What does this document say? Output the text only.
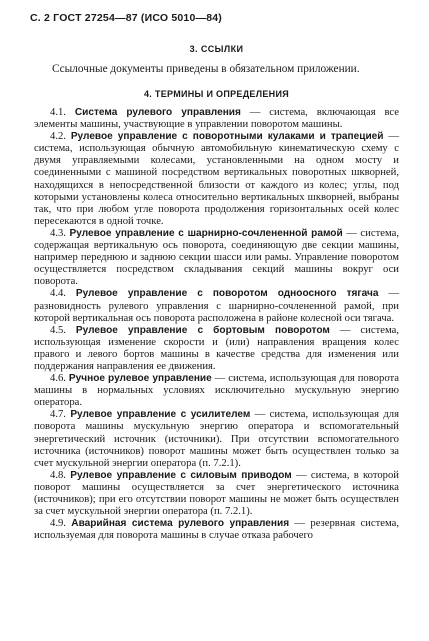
С. 2 ГОСТ 27254—87 (ИСО 5010—84)
3. ССЫЛКИ

Ссылочные документы приведены в обязательном приложении.

4. ТЕРМИНЫ И ОПРЕДЕЛЕНИЯ

4.1. Система рулевого управления — система, включающая все элементы машины, участвующие в управлении поворотом машины.

4.2. Рулевое управление с поворотными кулаками и трапецией — система, использующая обычную автомобильную кинематическую схему с двумя управляемыми колесами, установленными на одном мосту и соединенными с машиной посредством вертикальных поворотных шкворней, находящихся в непосредственной близости от каждого из колес; углы, под которыми установлены колеса относительно вертикальных шкворней, выбраны так, что при любом угле поворота продолжения горизонтальных осей колес пересекаются в одной точке.

4.3. Рулевое управление с шарнирно-сочлененной рамой — система, содержащая вертикальную ось поворота, соединяющую две секции машины, например переднюю и заднюю секции шасси или рамы. Управление поворотом осуществляется посредством складывания секций машины вокруг оси поворота.

4.4. Рулевое управление с поворотом одноосного тягача — разновидность рулевого управления с шарнирно-сочлененной рамой, при которой вертикальная ось поворота расположена в районе колесной оси тягача.

4.5. Рулевое управление с бортовым поворотом — система, использующая изменение скорости и (или) направления вращения колес правого и левого бортов машины в качестве средства для изменения или поддержания направления ее движения.

4.6. Ручное рулевое управление — система, использующая для поворота машины в нормальных условиях исключительно мускульную энергию оператора.

4.7. Рулевое управление с усилителем — система, использующая для поворота машины мускульную энергию оператора и вспомогательный энергетический источник (источники). При отсутствии вспомогательного источника (источников) поворот машины может быть осуществлен только за счет мускульной энергии оператора (п. 7.2.1).

4.8. Рулевое управление с силовым приводом — система, в которой поворот машины осуществляется за счет энергетического источника (источников); при его отсутствии поворот машины не может быть осуществлен за счет мускульной энергии оператора (п. 7.2.1).

4.9. Аварийная система рулевого управления — резервная система, используемая для поворота машины в случае отказа рабочего
